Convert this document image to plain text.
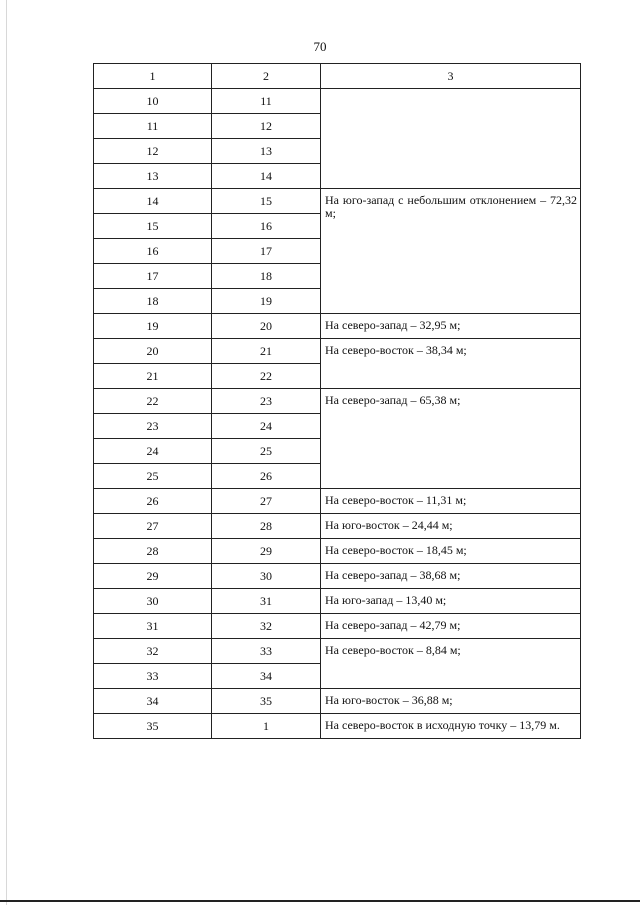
70
1	2	3
10	11	
11	12	
12	13	
13	14	
14	15	На юго-запад с небольшим отклонением – 72,32 м;
15	16	
16	17	
17	18	
18	19	
19	20	На северо-запад – 32,95 м;
20	21	На северо-восток – 38,34 м;
21	22	
22	23	На северо-запад – 65,38 м;
23	24	
24	25	
25	26	
26	27	На северо-восток – 11,31 м;
27	28	На юго-восток – 24,44 м;
28	29	На северо-восток – 18,45 м;
29	30	На северо-запад – 38,68 м;
30	31	На юго-запад – 13,40 м;
31	32	На северо-запад – 42,79 м;
32	33	На северо-восток – 8,84 м;
33	34	
34	35	На юго-восток – 36,88 м;
35	1	На северо-восток в исходную точку – 13,79 м.
